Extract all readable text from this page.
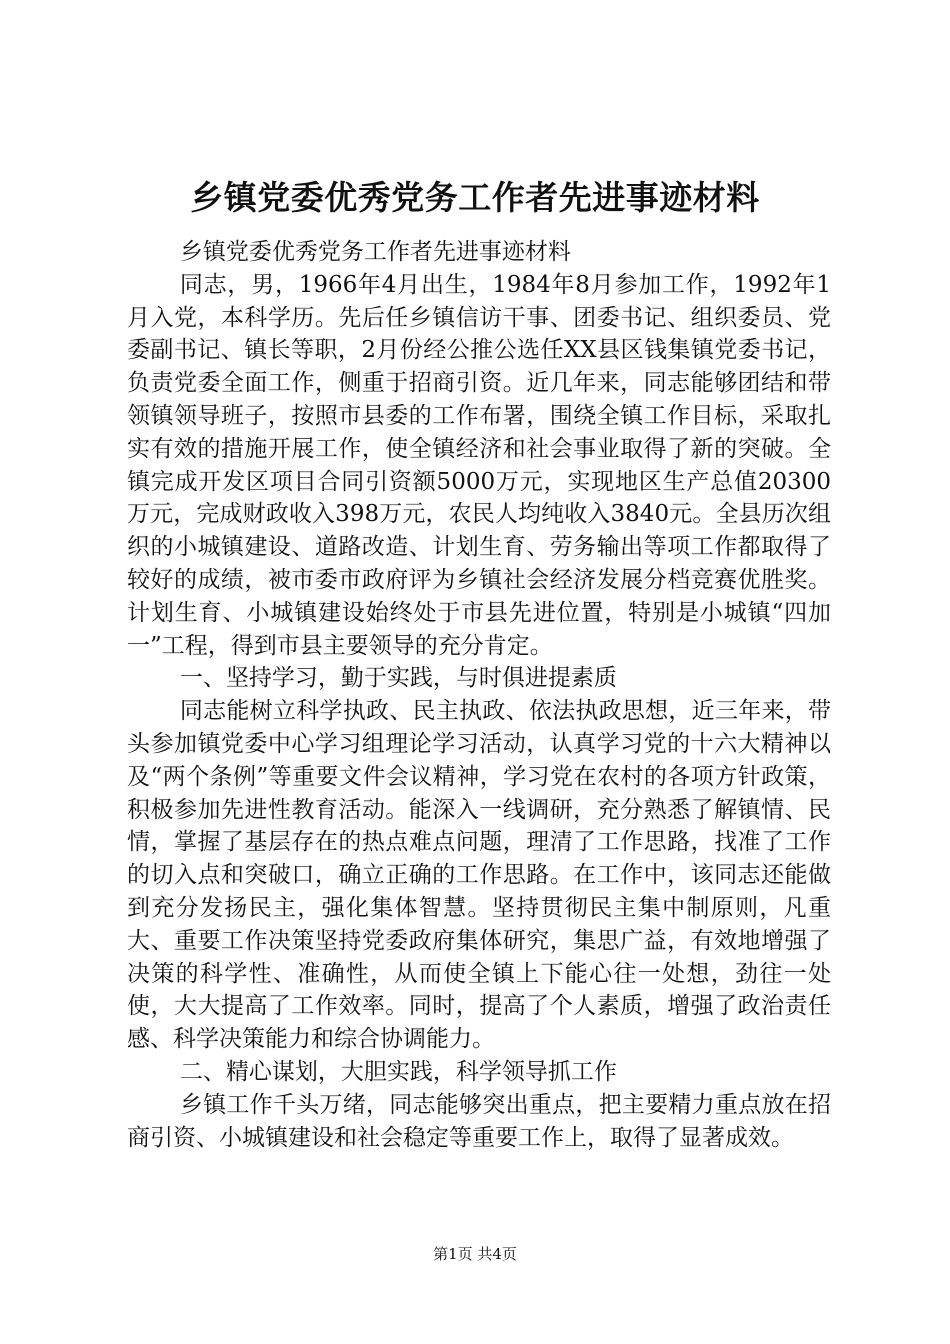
乡镇党委优秀党务工作者先进事迹材料

乡镇党委优秀党务工作者先进事迹材料

同志，男，1966年4月出生，1984年8月参加工作，1992年1月入党，本科学历。先后任乡镇信访干事、团委书记、组织委员、党委副书记、镇长等职，2月份经公推公选任XX县区钱集镇党委书记，负责党委全面工作，侧重于招商引资。近几年来，同志能够团结和带领镇领导班子，按照市县委的工作布署，围绕全镇工作目标，采取扎实有效的措施开展工作，使全镇经济和社会事业取得了新的突破。全镇完成开发区项目合同引资额5000万元，实现地区生产总值20300万元，完成财政收入398万元，农民人均纯收入3840元。全县历次组织的小城镇建设、道路改造、计划生育、劳务输出等项工作都取得了较好的成绩，被市委市政府评为乡镇社会经济发展分档竞赛优胜奖。计划生育、小城镇建设始终处于市县先进位置，特别是小城镇“四加一”工程，得到市县主要领导的充分肯定。

一、坚持学习，勤于实践，与时俱进提素质

同志能树立科学执政、民主执政、依法执政思想，近三年来，带头参加镇党委中心学习组理论学习活动，认真学习党的十六大精神以及“两个条例”等重要文件会议精神，学习党在农村的各项方针政策，积极参加先进性教育活动。能深入一线调研，充分熟悉了解镇情、民情，掌握了基层存在的热点难点问题，理清了工作思路，找准了工作的切入点和突破口，确立正确的工作思路。在工作中，该同志还能做到充分发扬民主，强化集体智慧。坚持贯彻民主集中制原则，凡重大、重要工作决策坚持党委政府集体研究，集思广益，有效地增强了决策的科学性、准确性，从而使全镇上下能心往一处想，劲往一处使，大大提高了工作效率。同时，提高了个人素质，增强了政治责任感、科学决策能力和综合协调能力。

二、精心谋划，大胆实践，科学领导抓工作

乡镇工作千头万绪，同志能够突出重点，把主要精力重点放在招商引资、小城镇建设和社会稳定等重要工作上，取得了显著成效。

第1页 共4页
